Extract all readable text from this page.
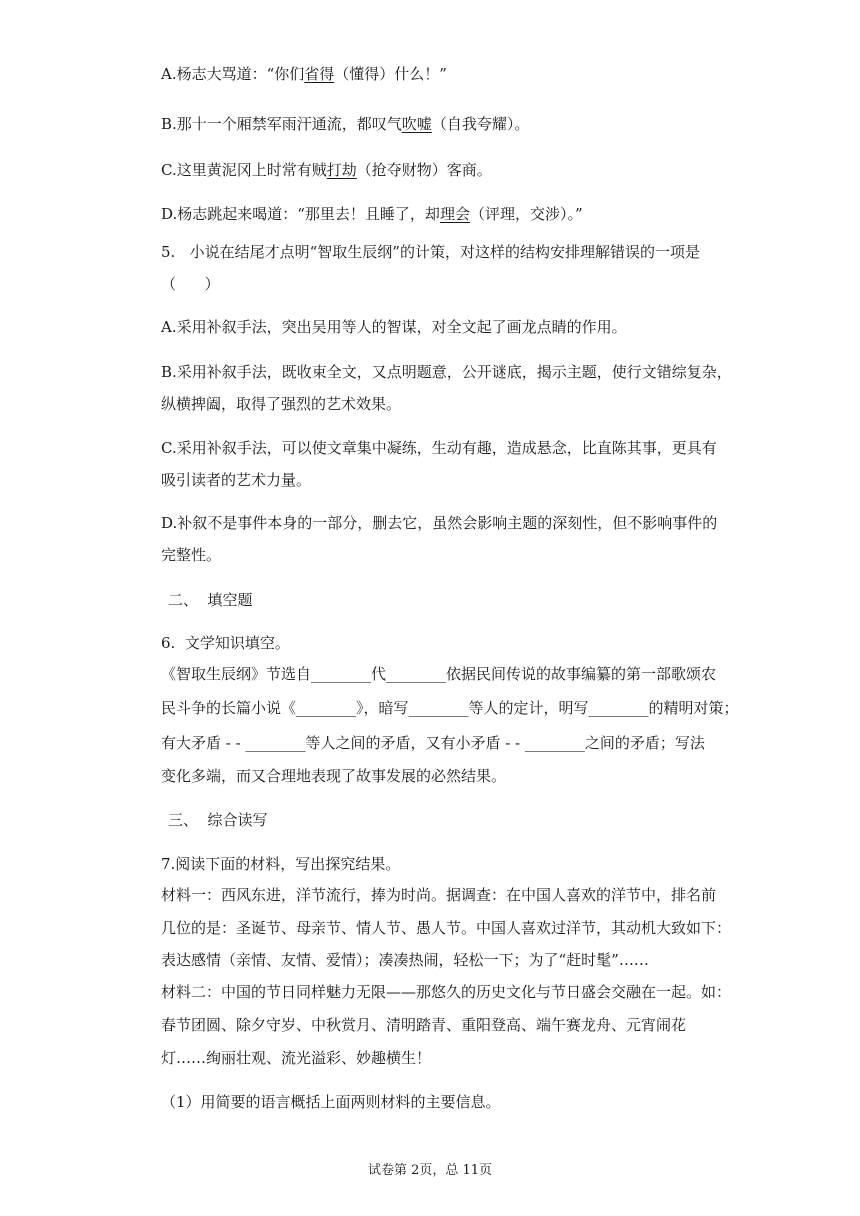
A.杨志大骂道：“你们省得（懂得）什么！”
B.那十一个厢禁军雨汗通流，都叹气吹嘘（自我夸耀）。
C.这里黄泥冈上时常有贼打劫（抢夺财物）客商。
D.杨志跳起来喝道：“那里去！且睡了，却理会（评理，交涉）。”
5.   小说在结尾才点明“智取生辰纲”的计策，对这样的结构安排理解错误的一项是
（      ）
A.采用补叙手法，突出吴用等人的智谋，对全文起了画龙点睛的作用。
B.采用补叙手法，既收束全文，又点明题意，公开谜底，揭示主题，使行文错综复杂，
纵横捭阖，取得了强烈的艺术效果。
C.采用补叙手法，可以使文章集中凝练，生动有趣，造成悬念，比直陈其事，更具有
吸引读者的艺术力量。
D.补叙不是事件本身的一部分，删去它，虽然会影响主题的深刻性，但不影响事件的
完整性。
二、  填空题
6.  文学知识填空。
《智取生辰纲》节选自________代________依据民间传说的故事编纂的第一部歌颂农
民斗争的长篇小说《________》，暗写________等人的定计，明写________的精明对策；
有大矛盾 - - ________等人之间的矛盾，又有小矛盾 - - ________之间的矛盾；写法
变化多端，而又合理地表现了故事发展的必然结果。
三、  综合读写
7.阅读下面的材料，写出探究结果。
材料一：西风东进，洋节流行，捧为时尚。据调查：在中国人喜欢的洋节中，排名前
几位的是：圣诞节、母亲节、情人节、愚人节。中国人喜欢过洋节，其动机大致如下：
表达感情（亲情、友情、爱情）；凑凑热闹，轻松一下；为了“赶时髦”……
材料二：中国的节日同样魅力无限——那悠久的历史文化与节日盛会交融在一起。如：
春节团圆、除夕守岁、中秋赏月、清明踏青、重阳登高、端午赛龙舟、元宵闹花
灯……绚丽壮观、流光溢彩、妙趣横生！
（1）用简要的语言概括上面两则材料的主要信息。
试卷第 2页，总 11页
